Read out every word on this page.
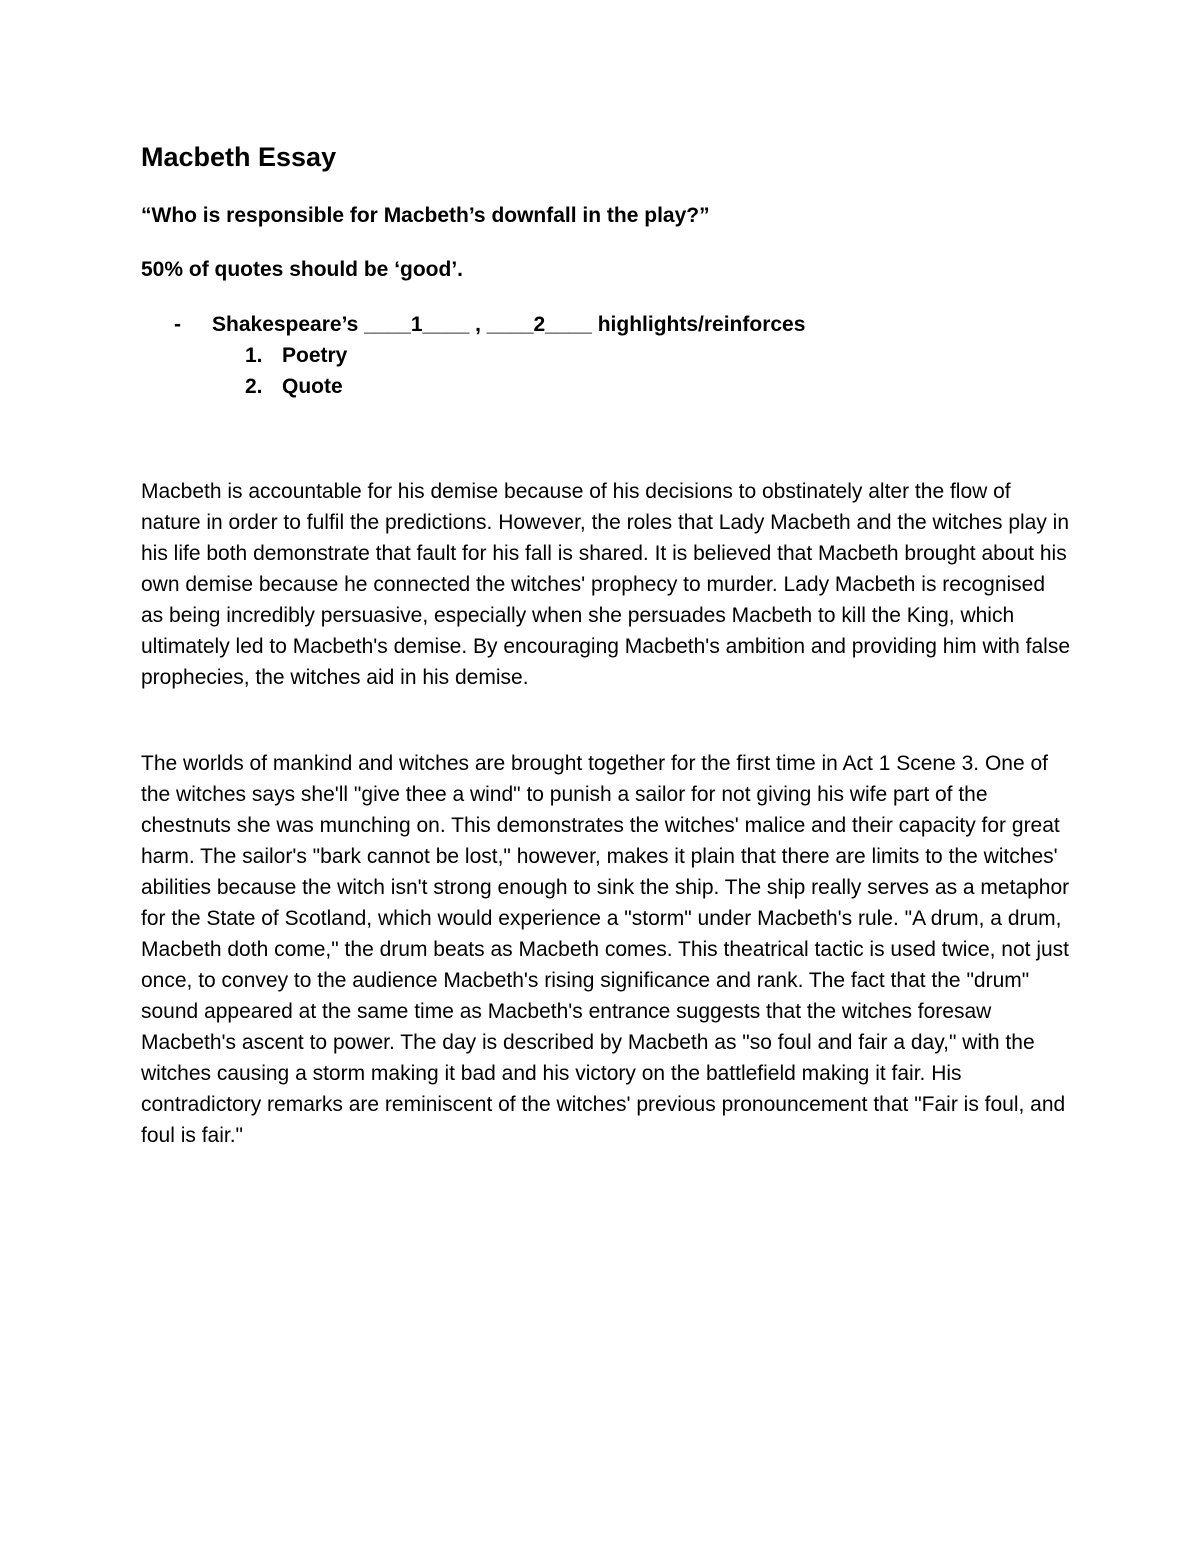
Macbeth Essay

“Who is responsible for Macbeth’s downfall in the play?”

50% of quotes should be ‘good’.

- Shakespeare’s ____1____ , ____2____ highlights/reinforces
1. Poetry
2. Quote

Macbeth is accountable for his demise because of his decisions to obstinately alter the flow of nature in order to fulfil the predictions. However, the roles that Lady Macbeth and the witches play in his life both demonstrate that fault for his fall is shared. It is believed that Macbeth brought about his own demise because he connected the witches' prophecy to murder. Lady Macbeth is recognised as being incredibly persuasive, especially when she persuades Macbeth to kill the King, which ultimately led to Macbeth's demise. By encouraging Macbeth's ambition and providing him with false prophecies, the witches aid in his demise.

The worlds of mankind and witches are brought together for the first time in Act 1 Scene 3. One of the witches says she'll "give thee a wind" to punish a sailor for not giving his wife part of the chestnuts she was munching on. This demonstrates the witches' malice and their capacity for great harm. The sailor's "bark cannot be lost," however, makes it plain that there are limits to the witches' abilities because the witch isn't strong enough to sink the ship. The ship really serves as a metaphor for the State of Scotland, which would experience a "storm" under Macbeth's rule. "A drum, a drum, Macbeth doth come," the drum beats as Macbeth comes. This theatrical tactic is used twice, not just once, to convey to the audience Macbeth's rising significance and rank. The fact that the "drum" sound appeared at the same time as Macbeth's entrance suggests that the witches foresaw Macbeth's ascent to power. The day is described by Macbeth as "so foul and fair a day," with the witches causing a storm making it bad and his victory on the battlefield making it fair. His contradictory remarks are reminiscent of the witches' previous pronouncement that "Fair is foul, and foul is fair."
